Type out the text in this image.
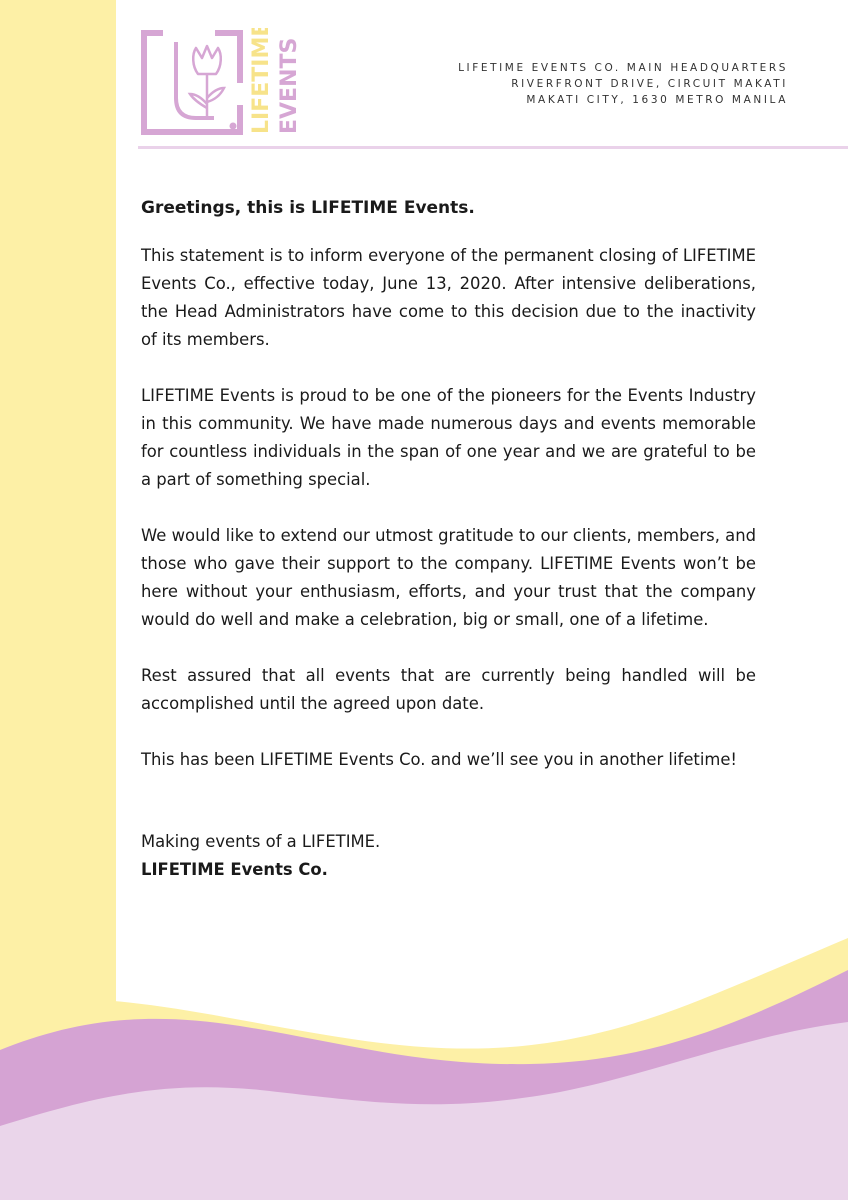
LIFETIME EVENTS	LIFETIME EVENTS CO. MAIN HEADQUARTERS
RIVERFRONT DRIVE, CIRCUIT MAKATI
MAKATI CITY, 1630 METRO MANILA

Greetings, this is LIFETIME Events.

This statement is to inform everyone of the permanent closing of LIFETIME Events Co., effective today, June 13, 2020. After intensive deliberations, the Head Administrators have come to this decision due to the inactivity of its members.

LIFETIME Events is proud to be one of the pioneers for the Events Industry in this community. We have made numerous days and events memorable for countless individuals in the span of one year and we are grateful to be a part of something special.

We would like to extend our utmost gratitude to our clients, members, and those who gave their support to the company. LIFETIME Events won’t be here without your enthusiasm, efforts, and your trust that the company would do well and make a celebration, big or small, one of a lifetime.

Rest assured that all events that are currently being handled will be accomplished until the agreed upon date.

This has been LIFETIME Events Co. and we’ll see you in another lifetime!

Making events of a LIFETIME.
LIFETIME Events Co.
